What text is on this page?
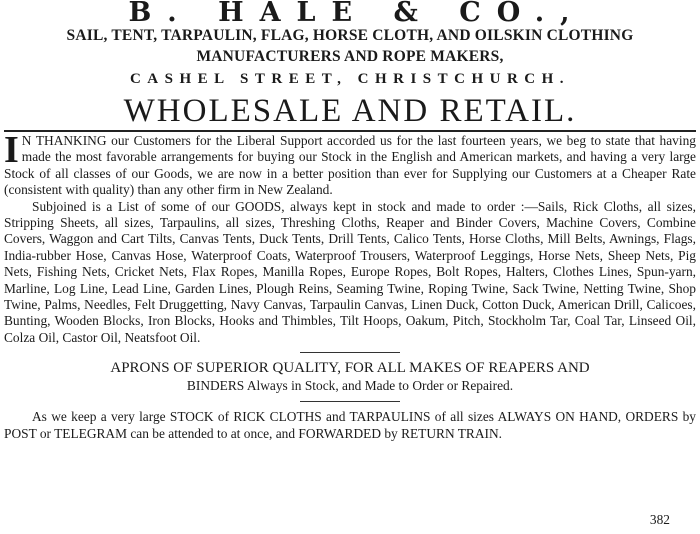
B. HALE & CO.,
SAIL, TENT, TARPAULIN, FLAG, HORSE CLOTH, AND OILSKIN CLOTHING
MANUFACTURERS AND ROPE MAKERS,
CASHEL STREET, CHRISTCHURCH.
WHOLESALE AND RETAIL.

I N THANKING our Customers for the Liberal Support accorded us for the last fourteen years, we beg to state that having made the most favorable arrangements for buying our Stock in the English and American markets, and having a very large Stock of all classes of our Goods, we are now in a better position than ever for Supplying our Customers at a Cheaper Rate (consistent with quality) than any other firm in New Zealand.

Subjoined is a List of some of our GOODS, always kept in stock and made to order :—Sails, Rick Cloths, all sizes, Stripping Sheets, all sizes, Tarpaulins, all sizes, Threshing Cloths, Reaper and Binder Covers, Machine Covers, Combine Covers, Waggon and Cart Tilts, Canvas Tents, Duck Tents, Drill Tents, Calico Tents, Horse Cloths, Mill Belts, Awnings, Flags, India-rubber Hose, Canvas Hose, Waterproof Coats, Waterproof Trousers, Waterproof Leggings, Horse Nets, Sheep Nets, Pig Nets, Fishing Nets, Cricket Nets, Flax Ropes, Manilla Ropes, Europe Ropes, Bolt Ropes, Halters, Clothes Lines, Spun-yarn, Marline, Log Line, Lead Line, Garden Lines, Plough Reins, Seaming Twine, Roping Twine, Sack Twine, Netting Twine, Shop Twine, Palms, Needles, Felt Druggetting, Navy Canvas, Tarpaulin Canvas, Linen Duck, Cotton Duck, American Drill, Calicoes, Bunting, Wooden Blocks, Iron Blocks, Hooks and Thimbles, Tilt Hoops, Oakum, Pitch, Stockholm Tar, Coal Tar, Linseed Oil, Colza Oil, Castor Oil, Neatsfoot Oil.

APRONS OF SUPERIOR QUALITY, FOR ALL MAKES OF REAPERS AND
BINDERS Always in Stock, and Made to Order or Repaired.

As we keep a very large STOCK of RICK CLOTHS and TARPAULINS of all sizes ALWAYS ON HAND, ORDERS by POST or TELEGRAM can be attended to at once, and FORWARDED by RETURN TRAIN.

382
